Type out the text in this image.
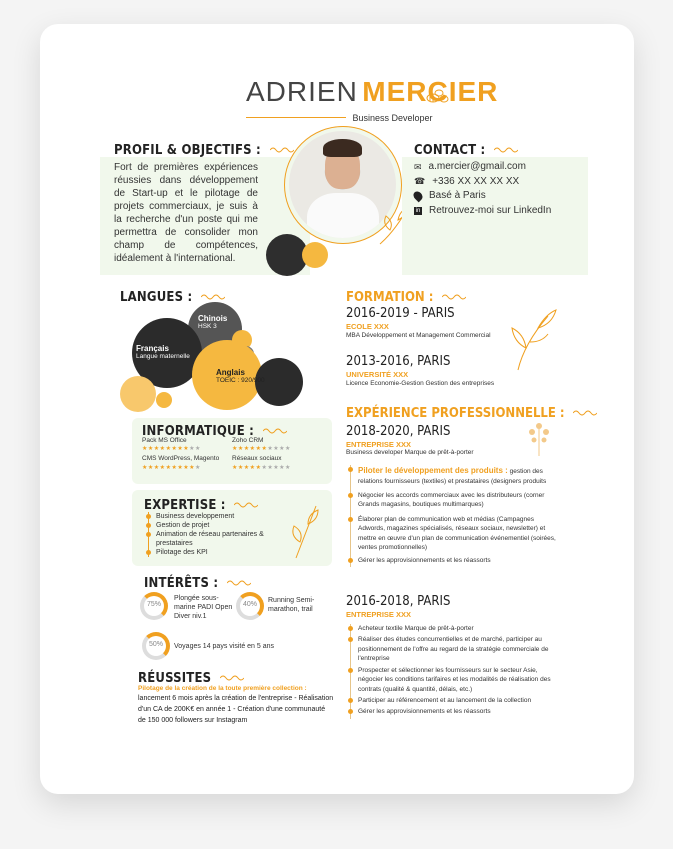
ADRIEN MERCIER
Business Developer
PROFIL & OBJECTIFS :
Fort de premières expériences réussies dans développement de Start-up et le pilotage de projets commerciaux, je suis à la recherche d'un poste qui me permettra de consolider mon champ de compétences, idéalement à l'international.
CONTACT :
✉ a.mercier@gmail.com
☎ +336 XX XX XX XX
Basé à Paris
in Retrouvez-moi sur LinkedIn
LANGUES :
Chinois
HSK 3
Français
Langue maternelle
Anglais
TOEIC : 920/900
INFORMATIQUE :
Pack MS Office
★★★★★★★★★★
Zoho CRM
★★★★★★★★★★
CMS WordPress, Magento
★★★★★★★★★★
Réseaux sociaux
★★★★★★★★★★
EXPERTISE :
Business developpement
Gestion de projet
Animation de réseau partenaires & prestataires
Pilotage des KPI
INTÉRÊTS :
75%
Plongée sous-marine PADI Open Diver niv.1
40%
Running Semi-marathon, trail
50%	Voyages 14 pays visité en 5 ans
RÉUSSITES
Pilotage de la création de la toute première collection :
lancement 6 mois après la création de l'entreprise - Réalisation d'un CA de 200K€ en année 1 - Création d'une communauté de 150 000 followers sur Instagram
FORMATION :
2016-2019 - PARIS
ECOLE XXX
MBA Développement et Management Commercial
2013-2016, PARIS
UNIVERSITÉ XXX
Licence Economie-Gestion Gestion des entreprises
EXPÉRIENCE PROFESSIONNELLE :
2018-2020, PARIS
ENTREPRISE XXX
Business developer Marque de prêt-à-porter
Piloter le développement des produits : gestion des relations fournisseurs (textiles) et prestataires (designers produits
Négocier les accords commerciaux avec les distributeurs (corner Grands magasins, boutiques multimarques)
Élaborer plan de communication web et médias (Campagnes Adwords, magazines spécialisés, réseaux sociaux, newsletter) et mettre en œuvre d'un plan de communication événementiel (soirées, ventes promotionnelles)
Gérer les approvisionnements et les réassorts
2016-2018, PARIS
ENTREPRISE XXX
Acheteur textile Marque de prêt-à-porter
Réaliser des études concurrentielles et de marché, participer au positionnement de l'offre au regard de la stratégie commerciale de l'entreprise
Prospecter et sélectionner les fournisseurs sur le secteur Asie, négocier les conditions tarifaires et les modalités de réalisation des contrats (qualité & quantité, délais, etc.)
Participer au référencement et au lancement de la collection
Gérer les approvisionnements et les réassorts
